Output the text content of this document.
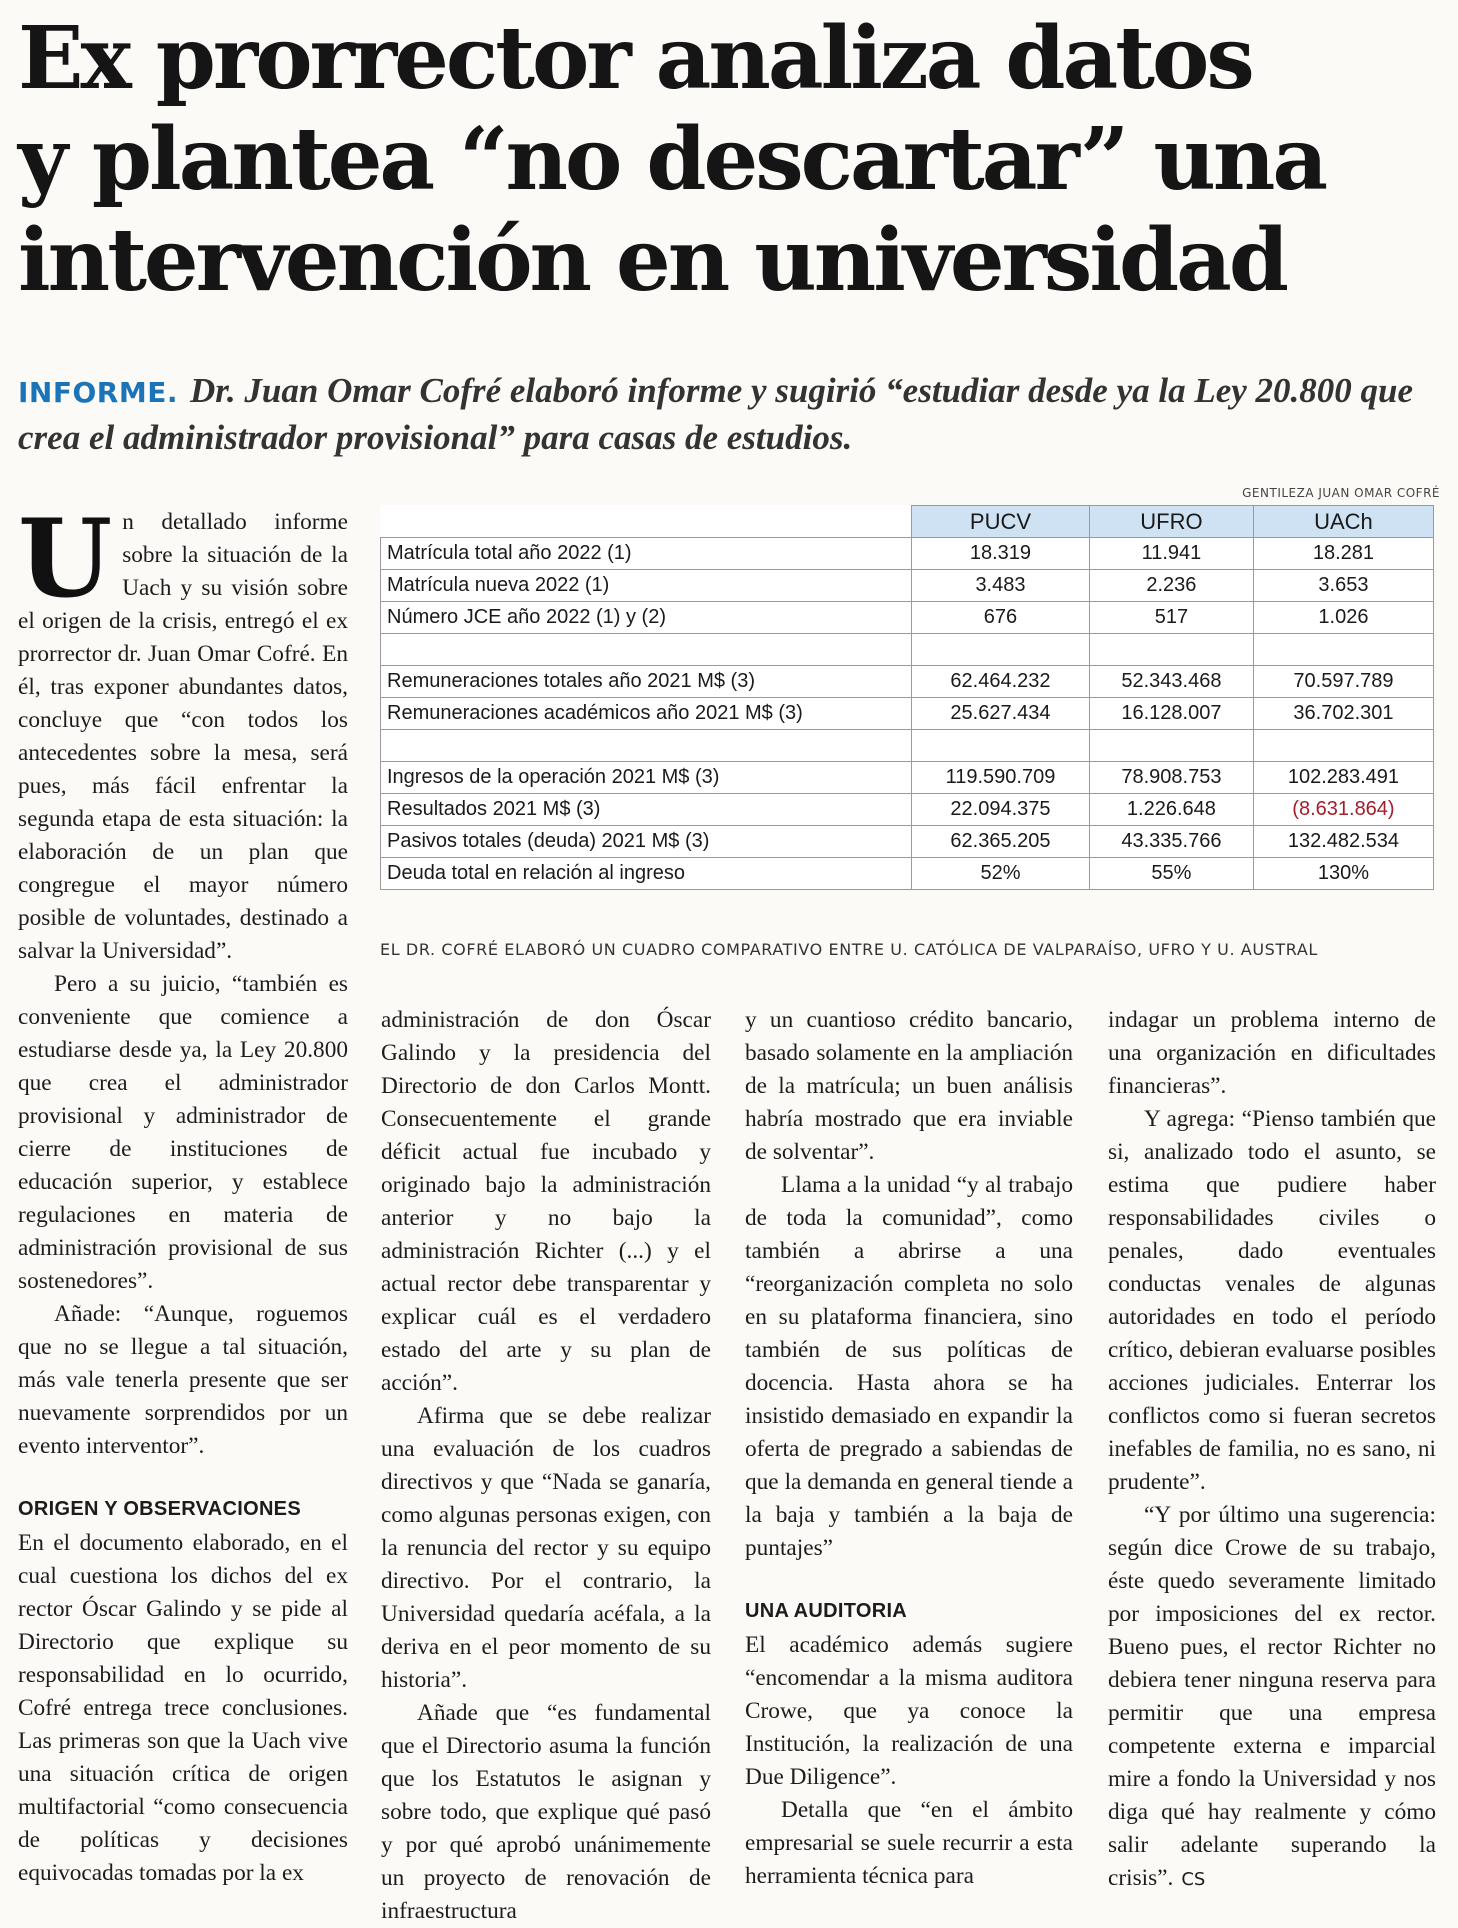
Ex prorrector analiza datos
y plantea “no descartar” una
intervención en universidad
INFORME. Dr. Juan Omar Cofré elaboró informe y sugirió “estudiar desde ya la Ley 20.800 que crea el administrador provisional” para casas de estudios.
GENTILEZA JUAN OMAR COFRÉ
	PUCV	UFRO	UACh
Matrícula total año 2022 (1)	18.319	11.941	18.281
Matrícula nueva 2022 (1)	3.483	2.236	3.653
Número JCE año 2022 (1) y (2)	676	517	1.026

Remuneraciones totales año 2021 M$ (3)	62.464.232	52.343.468	70.597.789
Remuneraciones académicos año 2021 M$ (3)	25.627.434	16.128.007	36.702.301

Ingresos de la operación 2021 M$ (3)	119.590.709	78.908.753	102.283.491
Resultados 2021 M$ (3)	22.094.375	1.226.648	(8.631.864)
Pasivos totales (deuda) 2021 M$ (3)	62.365.205	43.335.766	132.482.534
Deuda total en relación al ingreso	52%	55%	130%
EL DR. COFRÉ ELABORÓ UN CUADRO COMPARATIVO ENTRE U. CATÓLICA DE VALPARAÍSO, UFRO Y U. AUSTRAL

Un detallado informe sobre la situación de la Uach y su visión sobre el origen de la crisis, entregó el ex prorrector dr. Juan Omar Cofré. En él, tras exponer abundantes datos, concluye que “con todos los antecedentes sobre la mesa, será pues, más fácil enfrentar la segunda etapa de esta situación: la elaboración de un plan que congregue el mayor número posible de voluntades, destinado a salvar la Universidad”.

Pero a su juicio, “también es conveniente que comience a estudiarse desde ya, la Ley 20.800 que crea el administrador provisional y administrador de cierre de instituciones de educación superior, y establece regulaciones en materia de administración provisional de sus sostenedores”.

Añade: “Aunque, roguemos que no se llegue a tal situación, más vale tenerla presente que ser nuevamente sorprendidos por un evento interventor”.

ORIGEN Y OBSERVACIONES

En el documento elaborado, en el cual cuestiona los dichos del ex rector Óscar Galindo y se pide al Directorio que explique su responsabilidad en lo ocurrido, Cofré entrega trece conclusiones. Las primeras son que la Uach vive una situación crítica de origen multifactorial “como consecuencia de políticas y decisiones equivocadas tomadas por la ex

administración de don Óscar Galindo y la presidencia del Directorio de don Carlos Montt. Consecuentemente el grande déficit actual fue incubado y originado bajo la administración anterior y no bajo la administración Richter (...) y el actual rector debe transparentar y explicar cuál es el verdadero estado del arte y su plan de acción”.

Afirma que se debe realizar una evaluación de los cuadros directivos y que “Nada se ganaría, como algunas personas exigen, con la renuncia del rector y su equipo directivo. Por el contrario, la Universidad quedaría acéfala, a la deriva en el peor momento de su historia”.

Añade que “es fundamental que el Directorio asuma la función que los Estatutos le asignan y sobre todo, que explique qué pasó y por qué aprobó unánimemente un proyecto de renovación de infraestructura

y un cuantioso crédito bancario, basado solamente en la ampliación de la matrícula; un buen análisis habría mostrado que era inviable de solventar”.

Llama a la unidad “y al trabajo de toda la comunidad”, como también a abrirse a una “reorganización completa no solo en su plataforma financiera, sino también de sus políticas de docencia. Hasta ahora se ha insistido demasiado en expandir la oferta de pregrado a sabiendas de que la demanda en general tiende a la baja y también a la baja de puntajes”

UNA AUDITORIA

El académico además sugiere “encomendar a la misma auditora Crowe, que ya conoce la Institución, la realización de una Due Diligence”.

Detalla que “en el ámbito empresarial se suele recurrir a esta herramienta técnica para

indagar un problema interno de una organización en dificultades financieras”.

Y agrega: “Pienso también que si, analizado todo el asunto, se estima que pudiere haber responsabilidades civiles o penales, dado eventuales conductas venales de algunas autoridades en todo el período crítico, debieran evaluarse posibles acciones judiciales. Enterrar los conflictos como si fueran secretos inefables de familia, no es sano, ni prudente”.

“Y por último una sugerencia: según dice Crowe de su trabajo, éste quedo severamente limitado por imposiciones del ex rector. Bueno pues, el rector Richter no debiera tener ninguna reserva para permitir que una empresa competente externa e imparcial mire a fondo la Universidad y nos diga qué hay realmente y cómo salir adelante superando la crisis”. CS
